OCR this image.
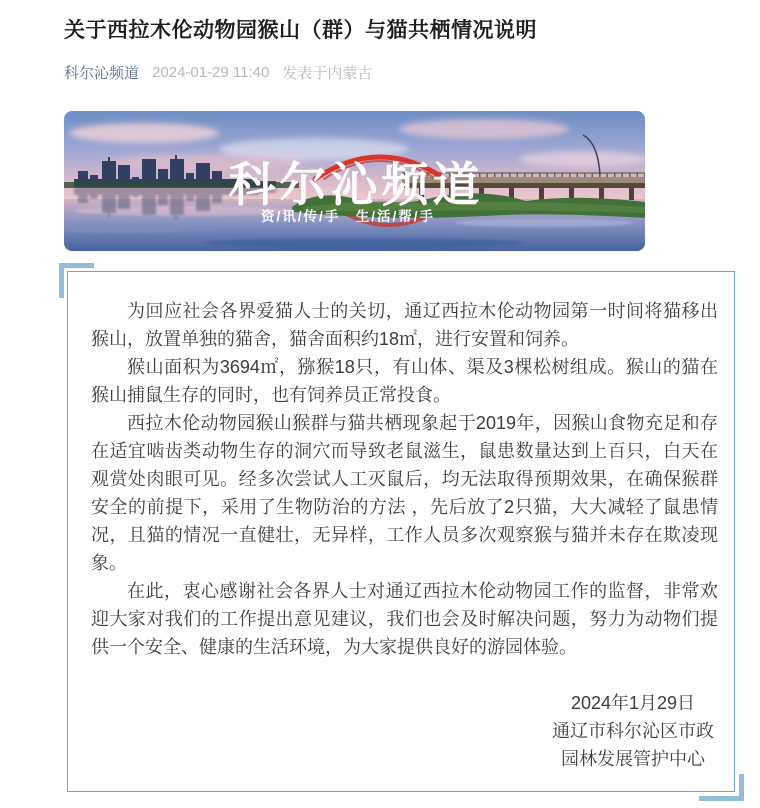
关于西拉木伦动物园猴山（群）与猫共栖情况说明
科尔沁频道 2024-01-29 11:40 发表于内蒙古
科尔沁频道
资/讯/传/手　生/活/帮/手

为回应社会各界爱猫人士的关切，通辽西拉木伦动物园第一时间将猫移出猴山，放置单独的猫舍，猫舍面积约18㎡，进行安置和饲养。

猴山面积为3694㎡，猕猴18只，有山体、渠及3棵松树组成。猴山的猫在猴山捕鼠生存的同时，也有饲养员正常投食。

西拉木伦动物园猴山猴群与猫共栖现象起于2019年，因猴山食物充足和存在适宜啮齿类动物生存的洞穴而导致老鼠滋生，鼠患数量达到上百只，白天在观赏处肉眼可见。经多次尝试人工灭鼠后，均无法取得预期效果，在确保猴群安全的前提下，采用了生物防治的方法 ，先后放了2只猫，大大减轻了鼠患情况，且猫的情况一直健壮，无异样，工作人员多次观察猴与猫并未存在欺凌现象。

在此，衷心感谢社会各界人士对通辽西拉木伦动物园工作的监督，非常欢迎大家对我们的工作提出意见建议，我们也会及时解决问题，努力为动物们提供一个安全、健康的生活环境，为大家提供良好的游园体验。

2024年1月29日
通辽市科尔沁区市政
园林发展管护中心
